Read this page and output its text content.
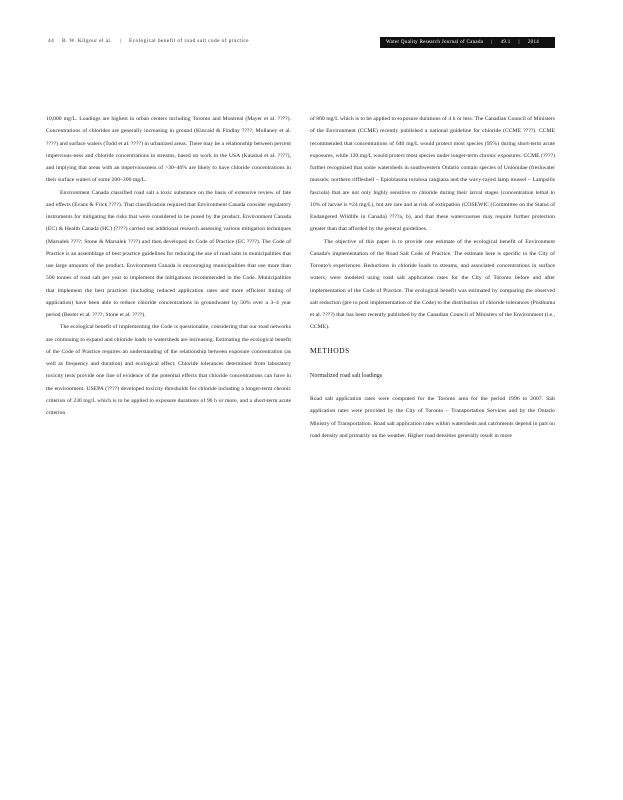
44 B. W. Kilgour et al. | Ecological benefit of road salt code of practice	Water Quality Research Journal of Canada | 49.1 | 2014

10,000 mg/L. Loadings are highest in urban centers including Toronto and Montreal (Mayer et al. ????). Concentrations of chlorides are generally increasing in ground (Kincaid & Findlay ????; Mullaney et al. ????) and surface waters (Todd et al. ????) in urbanized areas. There may be a relationship between percent impervious-ness and chloride concentrations in streams, based on work in the USA (Kaushal et al. ????), and implying that areas with an imperviousness of >30–40% are likely to have chloride concentrations in their surface waters of some 200–300 mg/L.

Environment Canada classified road salt a toxic substance on the basis of extensive review of fate and effects (Evans & Frick ????). That classification required that Environment Canada consider regulatory instruments for mitigating the risks that were considered to be posed by the product. Environment Canada (EC) & Health Canada (HC) (????) carried out additional research assessing various mitigation techniques (Marsalek ????; Stone & Marsalek ????) and then developed its Code of Practice (EC ????). The Code of Practice is an assemblage of best practice guidelines for reducing the use of road salts in municipalities that use large amounts of the product. Environment Canada is encouraging municipalities that use more than 500 tonnes of road salt per year to implement the mitigations recommended in the Code. Municipalities that implement the best practices (including reduced application rates and more efficient timing of application) have been able to reduce chloride concentrations in groundwater by 50% over a 3–4 year period (Bester et al. ????; Stone et al. ????).

The ecological benefit of implementing the Code is questionable, considering that our road networks are continuing to expand and chloride loads to watersheds are increasing. Estimating the ecological benefit of the Code of Practice requires an understanding of the relationship between exposure concentration (as well as frequency and duration) and ecological effect. Chloride tolerances determined from laboratory toxicity tests provide one line of evidence of the potential effects that chloride concentrations can have in the environment. USEPA (????) developed toxicity thresholds for chloride including a longer-term chronic criterion of 230 mg/L which is to be applied to exposure durations of 96 h or more, and a short-term acute criterion

of 860 mg/L which is to be applied to exposure durations of 4 h or less. The Canadian Council of Ministers of the Environment (CCME) recently published a national guideline for chloride (CCME ????). CCME recommended that concentrations of 640 mg/L would protect most species (95%) during short-term acute exposures, while 120 mg/L would protect most species under longer-term chronic exposures. CCME (????) further recognized that some watersheds in southwestern Ontario contain species of Unionidae (freshwater mussels; northern riffleshell – Epioblasma torulosa rangiana and the wavy-rayed lamp mussel – Lampsilis fasciola) that are not only highly sensitive to chloride during their larval stages (concentration lethal to 10% of larvae is ≈24 mg/L), but are rare and at risk of extirpation (COSEWIC (Committee on the Status of Endangered Wildlife in Canada) ????a, b), and that these watercourses may require further protection greater than that afforded by the general guidelines.

The objective of this paper is to provide one estimate of the ecological benefit of Environment Canada's implementation of the Road Salt Code of Practice. The estimate here is specific to the City of Toronto's experiences. Reductions in chloride loads to streams, and associated concentrations in surface waters, were modeled using road salt application rates for the City of Toronto before and after implementation of the Code of Practice. The ecological benefit was estimated by comparing the observed salt reduction (pre to post implementation of the Code) to the distribution of chloride tolerances (Posthuma et al. ????) that has been recently published by the Canadian Council of Ministers of the Environment (i.e., CCME).

METHODS
Normalized road salt loadings

Road salt application rates were computed for the Toronto area for the period 1996 to 2007. Salt application rates were provided by the City of Toronto – Transportation Services and by the Ontario Ministry of Transportation. Road salt application rates within watersheds and catchments depend in part on road density and primarily on the weather. Higher road densities generally result in more
